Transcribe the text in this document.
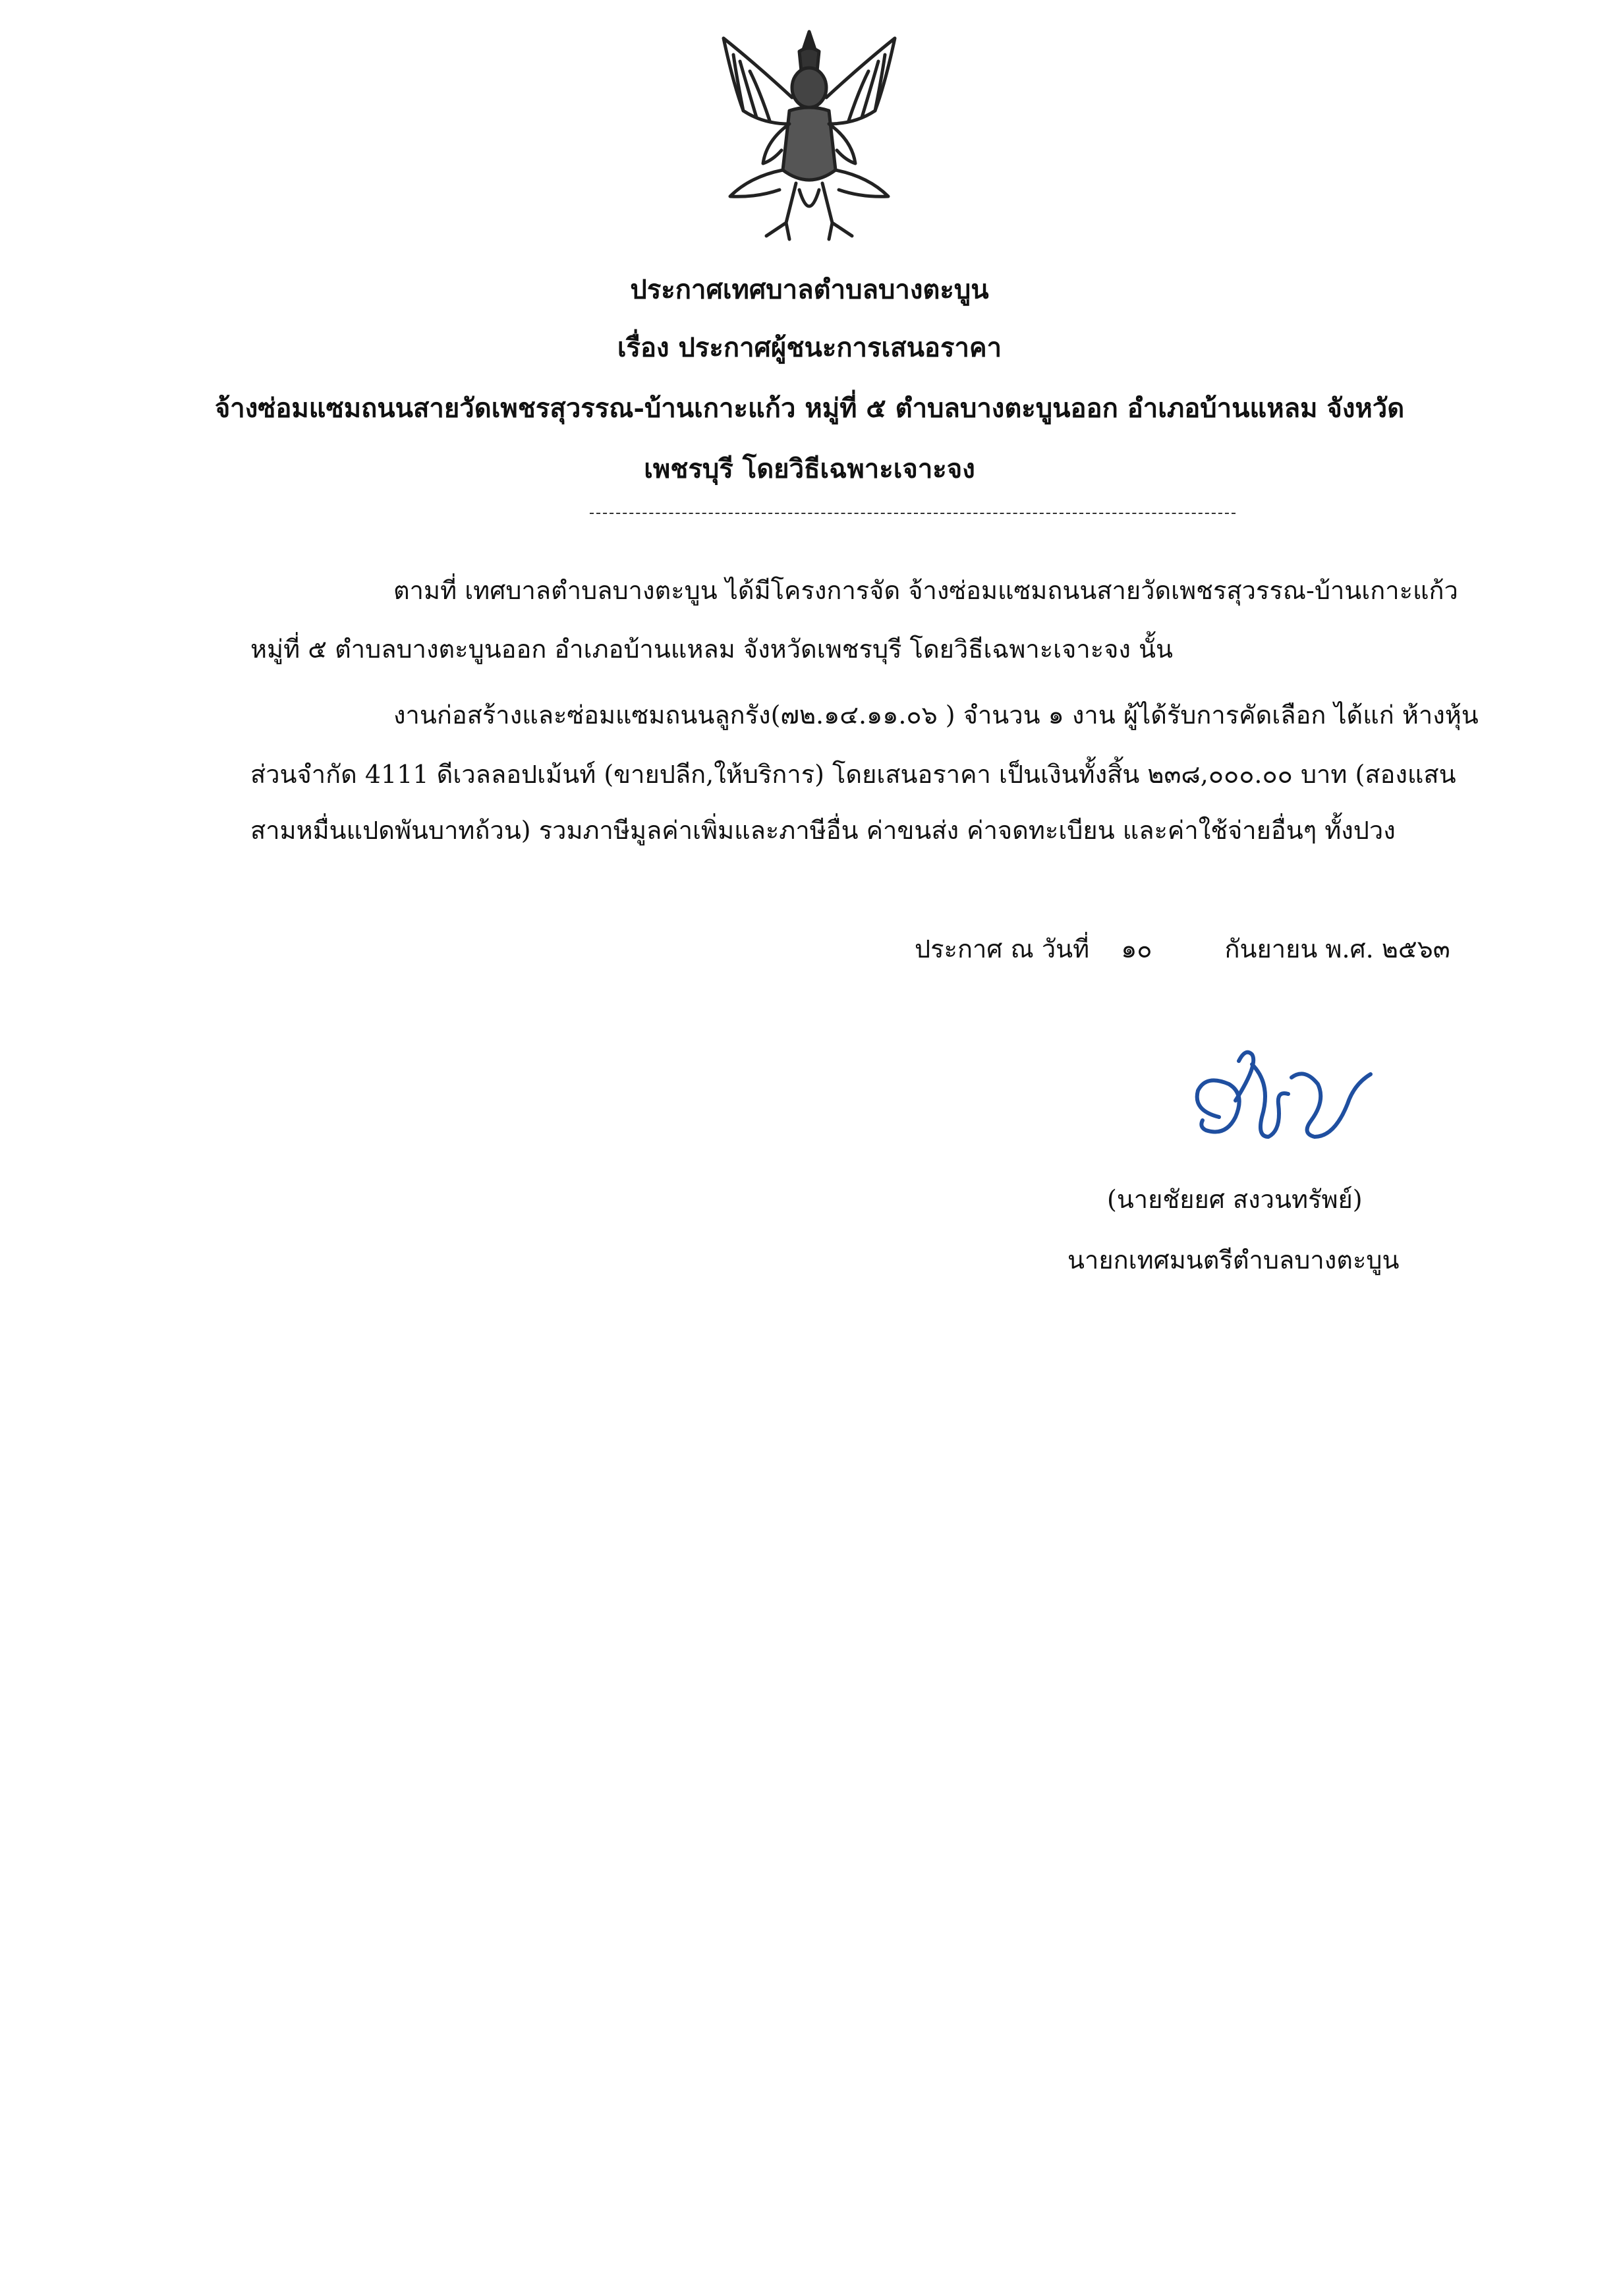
ประกาศเทศบาลตำบลบางตะบูน
เรื่อง ประกาศผู้ชนะการเสนอราคา
จ้างซ่อมแซมถนนสายวัดเพชรสุวรรณ-บ้านเกาะแก้ว หมู่ที่ ๕ ตำบลบางตะบูนออก อำเภอบ้านแหลม จังหวัด
เพชรบุรี โดยวิธีเฉพาะเจาะจง
ตามที่ เทศบาลตำบลบางตะบูน ได้มีโครงการจัด จ้างซ่อมแซมถนนสายวัดเพชรสุวรรณ-บ้านเกาะแก้ว
หมู่ที่ ๕ ตำบลบางตะบูนออก อำเภอบ้านแหลม จังหวัดเพชรบุรี โดยวิธีเฉพาะเจาะจง นั้น
งานก่อสร้างและซ่อมแซมถนนลูกรัง(๗๒.๑๔.๑๑.๐๖ ) จำนวน ๑ งาน ผู้ได้รับการคัดเลือก ได้แก่ ห้างหุ้น
ส่วนจำกัด 4111 ดีเวลลอปเม้นท์ (ขายปลีก,ให้บริการ) โดยเสนอราคา เป็นเงินทั้งสิ้น ๒๓๘,๐๐๐.๐๐ บาท (สองแสน
สามหมื่นแปดพันบาทถ้วน) รวมภาษีมูลค่าเพิ่มและภาษีอื่น ค่าขนส่ง ค่าจดทะเบียน และค่าใช้จ่ายอื่นๆ ทั้งปวง
ประกาศ ณ วันที่ ๑๐	กันยายน พ.ศ. ๒๕๖๓
(นายชัยยศ สงวนทรัพย์)
นายกเทศมนตรีตำบลบางตะบูน
